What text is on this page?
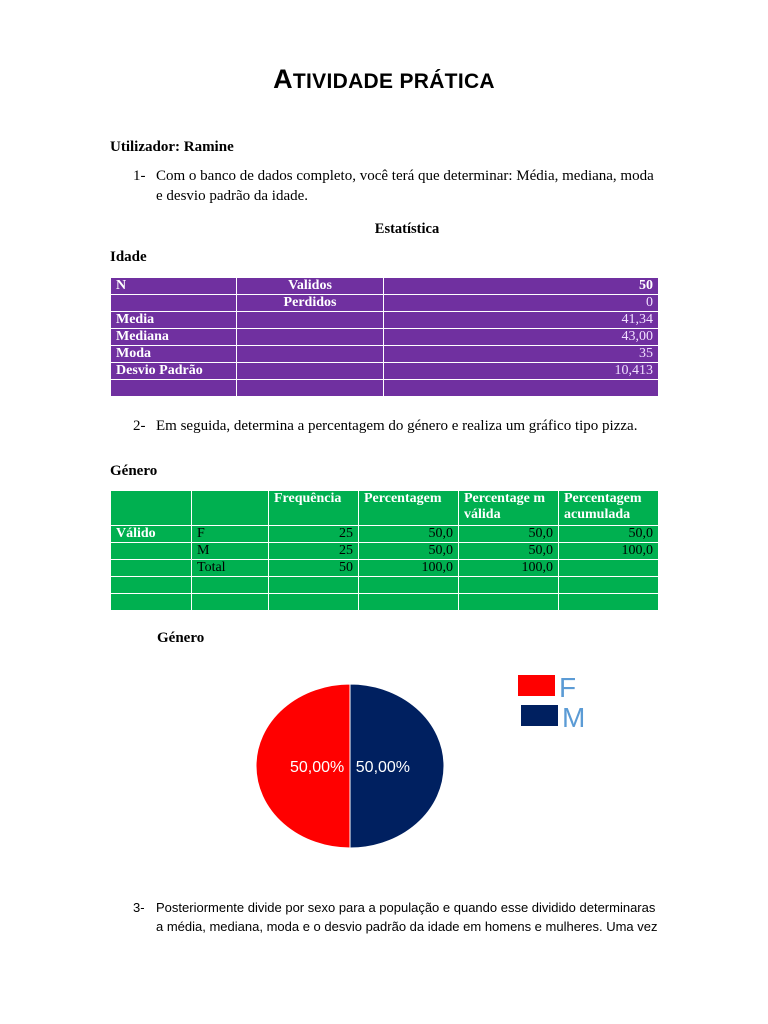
ATIVIDADE PRÁTICA
Utilizador: Ramine
1- Com o banco de dados completo, você terá que determinar: Média, mediana, moda e desvio padrão da idade.
Estatística
Idade
N	Validos	50
	Perdidos	0
Media		41,34
Mediana		43,00
Moda		35
Desvio Padrão		10,413

2- Em seguida, determina a percentagem do género e realiza um gráfico tipo pizza.
Género
		Frequência	Percentagem	Percentage m válida	Percentagem acumulada
Válido	F	25	50,0	50,0	50,0
	M	25	50,0	50,0	100,0
	Total	50	100,0	100,0	

Género
50,00% 50,00%
F
M
3- Posteriormente divide por sexo para a população e quando esse dividido determinaras a média, mediana, moda e o desvio padrão da idade em homens e mulheres. Uma vez
